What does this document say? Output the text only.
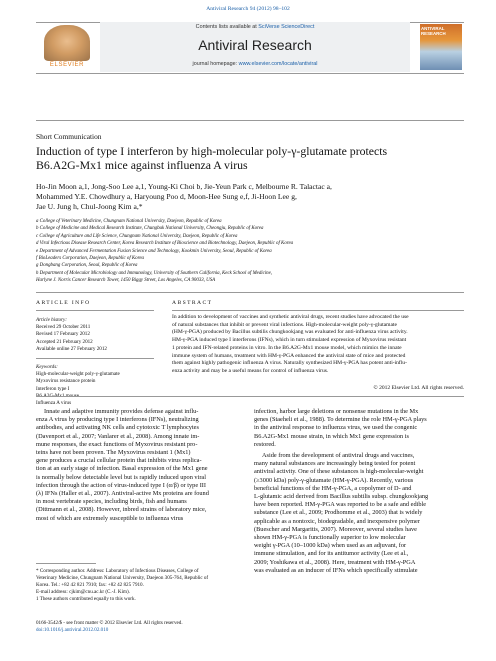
Antiviral Research 94 (2012) 98–102
ELSEVIER
Contents lists available at SciVerse ScienceDirect
Antiviral Research
journal homepage: www.elsevier.com/locate/antiviral
ANTIVIRAL RESEARCH
Short Communication
Induction of type I interferon by high-molecular poly-γ-glutamate protects
B6.A2G-Mx1 mice against influenza A virus
Ho-Jin Moon a,1, Jong-Soo Lee a,1, Young-Ki Choi b, Jie-Yeun Park c, Melbourne R. Talactac a,
Mohammed Y.E. Chowdhury a, Haryoung Poo d, Moon-Hee Sung e,f, Ji-Hoon Lee g,
Jae U. Jung h, Chul-Joong Kim a,*
a College of Veterinary Medicine, Chungnam National University, Daejeon, Republic of Korea
b College of Medicine and Medical Research Institute, Chungbuk National University, Cheongju, Republic of Korea
c College of Agriculture and Life Science, Chungnam National University, Daejeon, Republic of Korea
d Viral Infectious Disease Research Center, Korea Research Institute of Bioscience and Biotechnology, Daejeon, Republic of Korea
e Department of Advanced Fermentation Fusion Science and Technology, Kookmin University, Seoul, Republic of Korea
f BioLeaders Corporation, Daejeon, Republic of Korea
g Dongbang Corporation, Seoul, Republic of Korea
h Department of Molecular Microbiology and Immunology, University of Southern California, Keck School of Medicine,
Harlyne J. Norris Cancer Research Tower, 1450 Biggy Street, Los Angeles, CA 90033, USA
ARTICLE INFO
Article history:
Received 29 October 2011
Revised 17 February 2012
Accepted 21 February 2012
Available online 27 February 2012
Keywords:
High-molecular-weight poly-γ-glutamate
Myxovirus resistance protein
Interferon type I
B6.A2G-Mx1 mouse
Influenza A virus
ABSTRACT
In addition to development of vaccines and synthetic antiviral drugs, recent studies have advocated the use
of natural substances that inhibit or prevent viral infections. High-molecular-weight poly-γ-glutamate
(HM-γ-PGA) produced by Bacillus subtilis chungkookjang was evaluated for anti-influenza virus activity.
HM-γ-PGA induced type I interferons (IFNs), which in turn stimulated expression of Myxovirus resistant
1 protein and IFN-related proteins in vitro. In the B6.A2G-Mx1 mouse model, which mimics the innate
immune system of humans, treatment with HM-γ-PGA enhanced the antiviral state of mice and protected
them against highly pathogenic influenza A virus. Naturally synthesized HM-γ-PGA has potent anti-influ-
enza activity and may be a useful means for control of influenza virus.
© 2012 Elsevier Ltd. All rights reserved.
Innate and adaptive immunity provides defense against influ-
enza A virus by producing type I interferons (IFNs), neutralizing
antibodies, and activating NK cells and cytotoxic T lymphocytes
(Davenport et al., 2007; Vanlarer et al., 2008). Among innate im-
mune responses, the exact functions of Myxovirus resistant pro-
teins have not been proven. The Myxovirus resistant 1 (Mx1)
gene produces a crucial cellular protein that inhibits virus replica-
tion at an early stage of infection. Basal expression of the Mx1 gene
is normally below detectable level but is rapidly induced upon viral
infection through the action of virus-induced type I (α/β) or type III
(λ) IFNs (Haller et al., 2007). Antiviral-active Mx proteins are found
in most vertebrate species, including birds, fish and humans
(Dittmann et al., 2008). However, inbred strains of laboratory mice,
most of which are extremely susceptible to influenza virus
infection, harbor large deletions or nonsense mutations in the Mx
genes (Staeheli et al., 1988). To determine the role HM-γ-PGA plays
in the antiviral response to influenza virus, we used the congenic
B6.A2G-Mx1 mouse strain, in which Mx1 gene expression is
restored.
Aside from the development of antiviral drugs and vaccines,
many natural substances are increasingly being tested for potent
antiviral activity. One of these substances is high-molecular-weight
(≥3000 kDa) poly-γ-glutamate (HM-γ-PGA). Recently, various
beneficial functions of the HM-γ-PGA, a copolymer of D- and
L-glutamic acid derived from Bacillus subtilis subsp. chungkookjang
have been reported. HM-γ-PGA was reported to be a safe and edible
substance (Lee et al., 2009; Prodhomme et al., 2003) that is widely
applicable as a nontoxic, biodegradable, and inexpensive polymer
(Buescher and Margaritis, 2007). Moreover, several studies have
shown HM-γ-PGA is functionally superior to low molecular
weight γ-PGA (10–1000 kDa) when used as an adjuvant, for
immune stimulation, and for its antitumor activity (Lee et al.,
2009; Yoshikawa et al., 2008). Here, treatment with HM-γ-PGA
was evaluated as an inducer of IFNs which specifically stimulate
* Corresponding author. Address: Laboratory of Infectious Diseases, College of
Veterinary Medicine, Chungnam National University, Daejeon 305-764, Republic of
Korea. Tel.: +82 42 821 7910; fax: +82 42 825 7910.
E-mail address: cjkim@cnu.ac.kr (C.-J. Kim).
1 These authors contributed equally to this work.
0166-3542/$ - see front matter © 2012 Elsevier Ltd. All rights reserved.
doi:10.1016/j.antiviral.2012.02.010
